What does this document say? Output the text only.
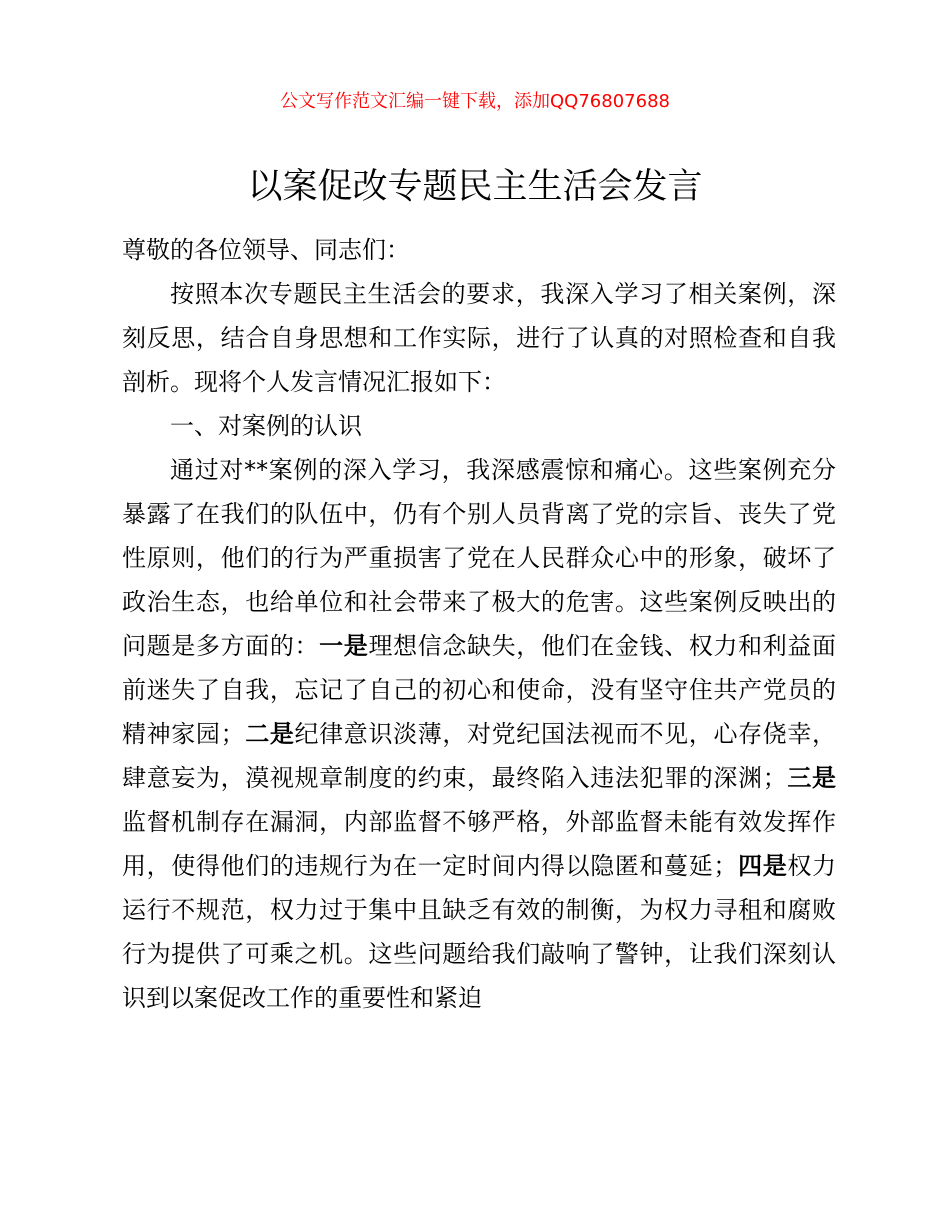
公文写作范文汇编一键下载，添加QQ76807688
以案促改专题民主生活会发言

尊敬的各位领导、同志们：

按照本次专题民主生活会的要求，我深入学习了相关案例，深刻反思，结合自身思想和工作实际，进行了认真的对照检查和自我剖析。现将个人发言情况汇报如下：

一、对案例的认识

通过对**案例的深入学习，我深感震惊和痛心。这些案例充分暴露了在我们的队伍中，仍有个别人员背离了党的宗旨、丧失了党性原则，他们的行为严重损害了党在人民群众心中的形象，破坏了政治生态，也给单位和社会带来了极大的危害。这些案例反映出的问题是多方面的：一是理想信念缺失，他们在金钱、权力和利益面前迷失了自我，忘记了自己的初心和使命，没有坚守住共产党员的精神家园；二是纪律意识淡薄，对党纪国法视而不见，心存侥幸，肆意妄为，漠视规章制度的约束，最终陷入违法犯罪的深渊；三是监督机制存在漏洞，内部监督不够严格，外部监督未能有效发挥作用，使得他们的违规行为在一定时间内得以隐匿和蔓延；四是权力运行不规范，权力过于集中且缺乏有效的制衡，为权力寻租和腐败行为提供了可乘之机。这些问题给我们敲响了警钟，让我们深刻认识到以案促改工作的重要性和紧迫
